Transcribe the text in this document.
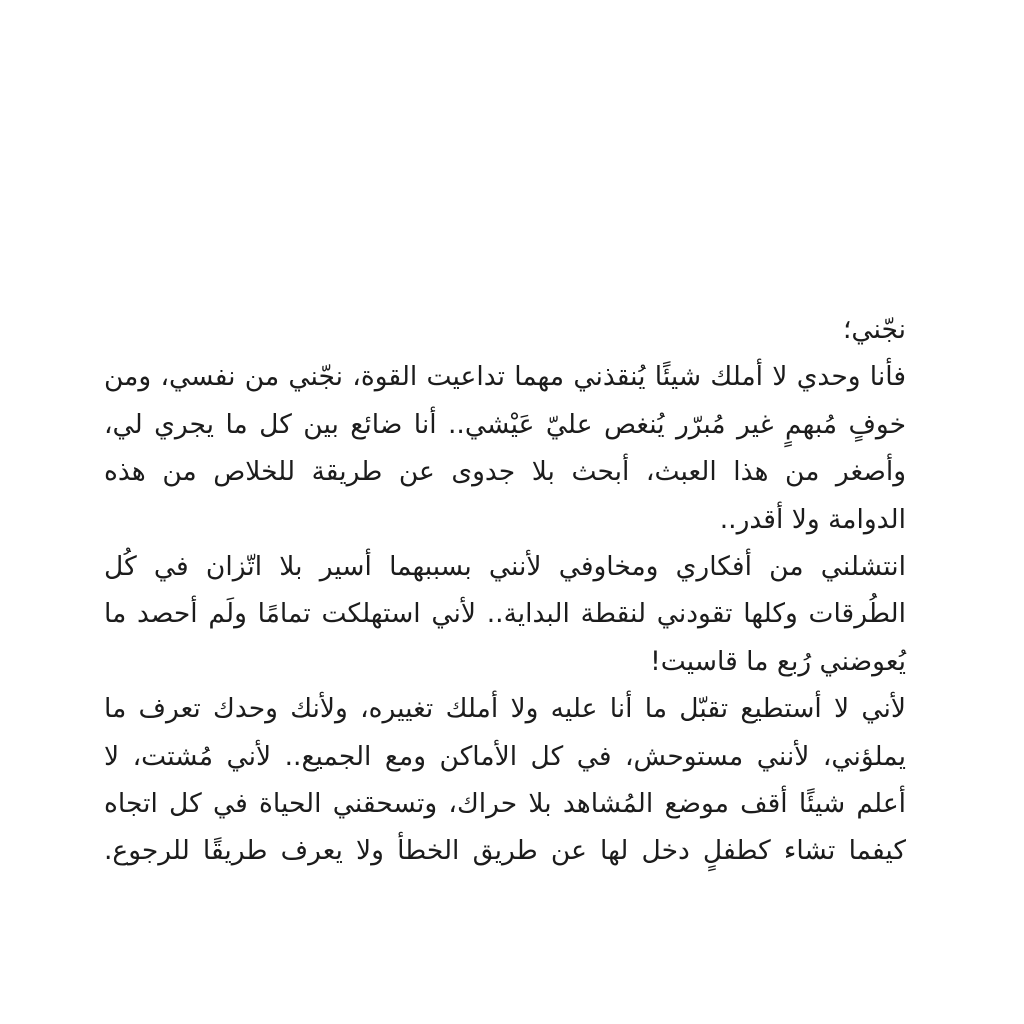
نجّني؛
فأنا وحدي لا أملك شيئًا يُنقذني مهما تداعيت القوة، نجّني من نفسي، ومن
خوفٍ مُبهمٍ غير مُبرّر يُنغص عليّ عَيْشي.. أنا ضائع بين كل ما يجري لي،
وأصغر من هذا العبث، أبحث بلا جدوى عن طريقة للخلاص من هذه
الدوامة ولا أقدر..
انتشلني من أفكاري ومخاوفي لأنني بسببهما أسير بلا اتّزان في كُل
الطُرقات وكلها تقودني لنقطة البداية.. لأني استهلكت تمامًا ولَم أحصد ما
يُعوضني رُبع ما قاسيت!
لأني لا أستطيع تقبّل ما أنا عليه ولا أملك تغييره، ولأنك وحدك تعرف ما
يملؤني، لأنني مستوحش، في كل الأماكن ومع الجميع.. لأني مُشتت، لا
أعلم شيئًا أقف موضع المُشاهد بلا حراك، وتسحقني الحياة في كل اتجاه
كيفما تشاء كطفلٍ دخل لها عن طريق الخطأ ولا يعرف طريقًا للرجوع.
